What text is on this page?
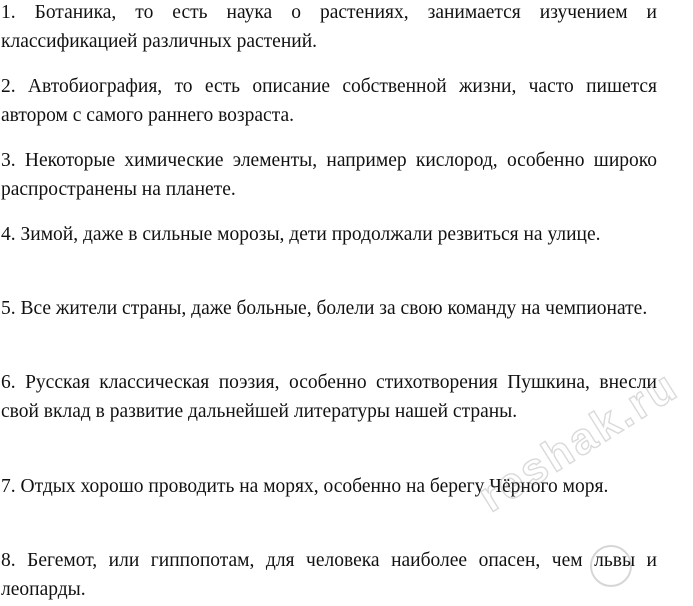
1. Ботаника, то есть наука о растениях, занимается изучением и классификацией различных растений.

2. Автобиография, то есть описание собственной жизни, часто пишется автором с самого раннего возраста.

3. Некоторые химические элементы, например кислород, особенно широко распространены на планете.

4. Зимой, даже в сильные морозы, дети продолжали резвиться на улице.

5. Все жители страны, даже больные, болели за свою команду на чемпионате.

6. Русская классическая поэзия, особенно стихотворения Пушкина, внесли свой вклад в развитие дальнейшей литературы нашей страны.

7. Отдых хорошо проводить на морях, особенно на берегу Чёрного моря.

8. Бегемот, или гиппопотам, для человека наиболее опасен, чем львы и леопарды.

reshak.ru
